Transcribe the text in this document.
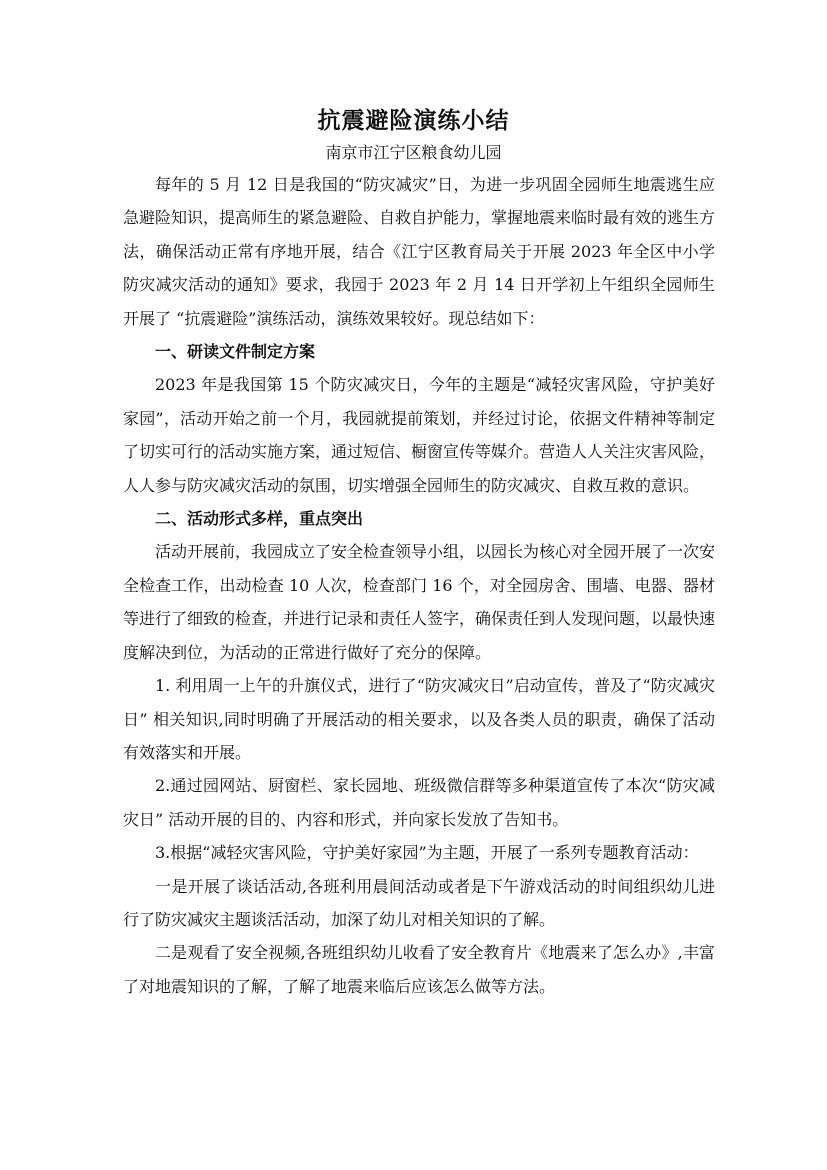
抗震避险演练小结
南京市江宁区粮食幼儿园

每年的 5 月 12 日是我国的“防灾减灾”日，为进一步巩固全园师生地震逃生应急避险知识，提高师生的紧急避险、自救自护能力，掌握地震来临时最有效的逃生方法，确保活动正常有序地开展，结合《江宁区教育局关于开展 2023 年全区中小学防灾减灾活动的通知》要求，我园于 2023 年 2 月 14 日开学初上午组织全园师生开展了 “抗震避险”演练活动，演练效果较好。现总结如下：

一、研读文件制定方案

2023 年是我国第 15 个防灾减灾日，今年的主题是“减轻灾害风险，守护美好家园”，活动开始之前一个月，我园就提前策划，并经过讨论，依据文件精神等制定了切实可行的活动实施方案，通过短信、橱窗宣传等媒介。营造人人关注灾害风险，人人参与防灾减灾活动的氛围，切实增强全园师生的防灾减灾、自救互救的意识。

二、活动形式多样，重点突出

活动开展前，我园成立了安全检查领导小组，以园长为核心对全园开展了一次安全检查工作，出动检查 10 人次，检查部门 16 个，对全园房舍、围墙、电器、器材等进行了细致的检查，并进行记录和责任人签字，确保责任到人发现问题，以最快速度解决到位，为活动的正常进行做好了充分的保障。

1. 利用周一上午的升旗仪式，进行了“防灾减灾日”启动宣传，普及了“防灾减灾日” 相关知识,同时明确了开展活动的相关要求，以及各类人员的职责，确保了活动有效落实和开展。

2.通过园网站、厨窗栏、家长园地、班级微信群等多种渠道宣传了本次“防灾减灾日” 活动开展的目的、内容和形式，并向家长发放了告知书。

3.根据“减轻灾害风险，守护美好家园”为主题，开展了一系列专题教育活动：

一是开展了谈话活动,各班利用晨间活动或者是下午游戏活动的时间组织幼儿进行了防灾减灾主题谈活活动，加深了幼儿对相关知识的了解。

二是观看了安全视频,各班组织幼儿收看了安全教育片《地震来了怎么办》,丰富了对地震知识的了解，了解了地震来临后应该怎么做等方法。
